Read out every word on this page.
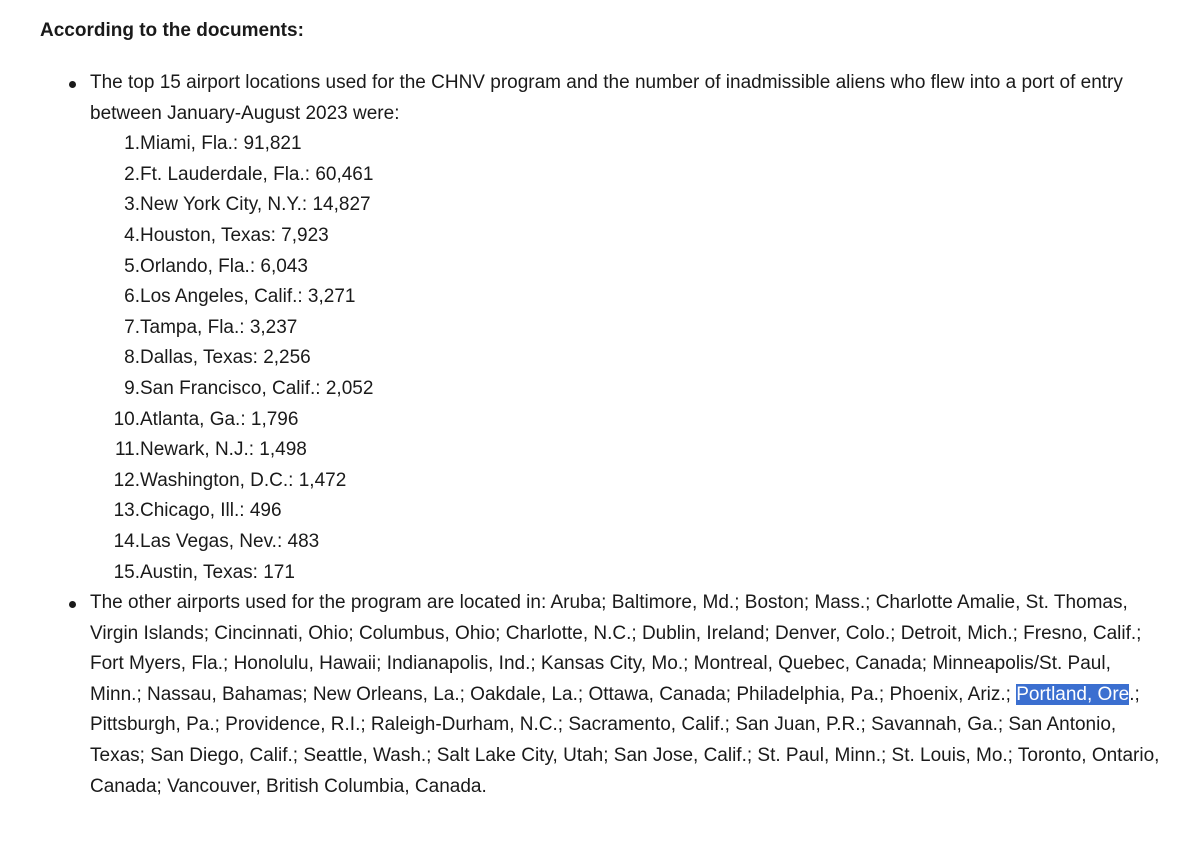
According to the documents:
The top 15 airport locations used for the CHNV program and the number of inadmissible aliens who flew into a port of entry between January-August 2023 were:
1. Miami, Fla.: 91,821
2. Ft. Lauderdale, Fla.: 60,461
3. New York City, N.Y.: 14,827
4. Houston, Texas: 7,923
5. Orlando, Fla.: 6,043
6. Los Angeles, Calif.: 3,271
7. Tampa, Fla.: 3,237
8. Dallas, Texas: 2,256
9. San Francisco, Calif.: 2,052
10. Atlanta, Ga.: 1,796
11. Newark, N.J.: 1,498
12. Washington, D.C.: 1,472
13. Chicago, Ill.: 496
14. Las Vegas, Nev.: 483
15. Austin, Texas: 171
The other airports used for the program are located in: Aruba; Baltimore, Md.; Boston; Mass.; Charlotte Amalie, St. Thomas, Virgin Islands; Cincinnati, Ohio; Columbus, Ohio; Charlotte, N.C.; Dublin, Ireland; Denver, Colo.; Detroit, Mich.; Fresno, Calif.; Fort Myers, Fla.; Honolulu, Hawaii; Indianapolis, Ind.; Kansas City, Mo.; Montreal, Quebec, Canada; Minneapolis/St. Paul, Minn.; Nassau, Bahamas; New Orleans, La.; Oakdale, La.; Ottawa, Canada; Philadelphia, Pa.; Phoenix, Ariz.; Portland, Ore.; Pittsburgh, Pa.; Providence, R.I.; Raleigh-Durham, N.C.; Sacramento, Calif.; San Juan, P.R.; Savannah, Ga.; San Antonio, Texas; San Diego, Calif.; Seattle, Wash.; Salt Lake City, Utah; San Jose, Calif.; St. Paul, Minn.; St. Louis, Mo.; Toronto, Ontario, Canada; Vancouver, British Columbia, Canada.
